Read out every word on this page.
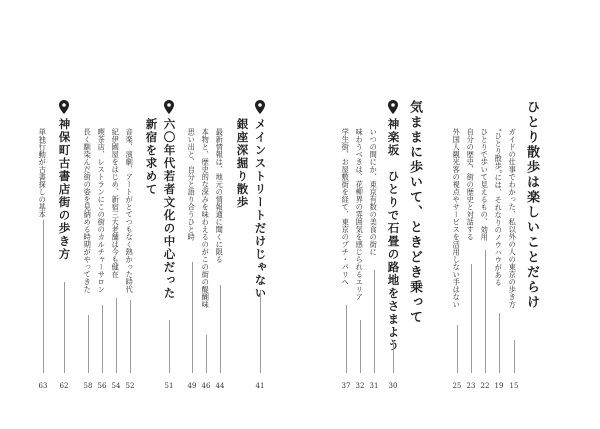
ひとり散歩は楽しいことだらけ
ガイドの仕事でわかった、私以外の人の東京の歩き方
“ひとり散歩”には、それなりのノウハウがある
ひとりで歩いて見えるもの、効用
自分の歴史、街の歴史と対話する
外国人観光客の視点やサービスを活用しない手はない
15
19
22
23
25
気ままに歩いて、ときどき乗って
神楽坂　ひとりで石畳の路地をさまよう
30
いつの間にか、東京有数の美食の街に
味わうべきは、花柳界の雰囲気を感じられるエリア
学生街、お屋敷街を経て、東京のプチ・パリへ
31
32
37
メインストリートだけじゃない
銀座深掘り散歩
41
最新情報は、地元の情報通に聞くに限る
本物と、歴史的な深みを味わえるのがこの街の醍醐味
思い出と、自分と語り合うひと時
44
46
49
六〇年代若者文化の中心だった
新宿を求めて
51
音楽、演劇、アートがとてつもなく熱かった時代
紀伊國屋をはじめ、新宿三大老舗は今も健在
喫茶店、レストランにこの街のカルチャーサロン
長く馴染んだ街の姿を見納める時期がやってきた
52
54
56
58
神保町古書店街の歩き方
62
単独行動が古書探しの基本
63
